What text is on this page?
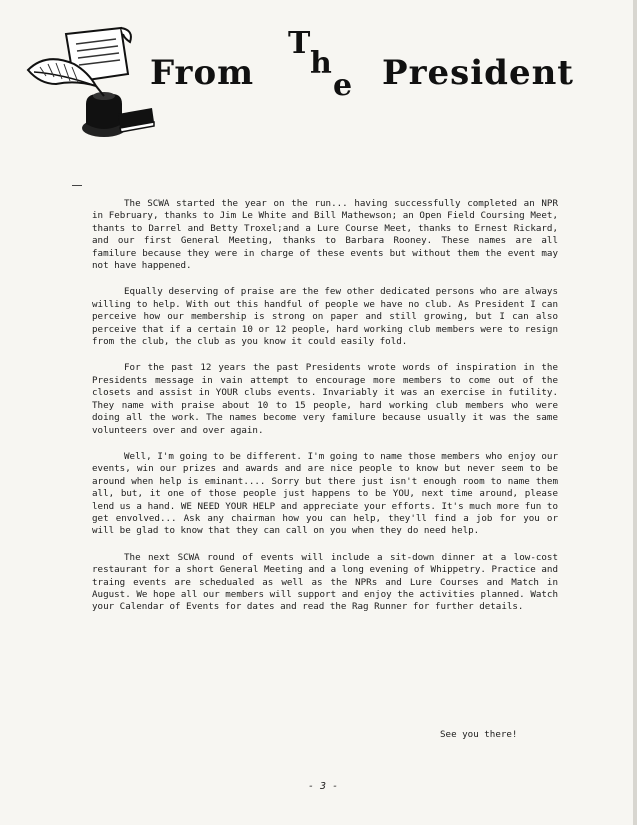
From
T
h
e President

The SCWA started the year on the run... having successfully completed an NPR in February, thanks to Jim Le White and Bill Mathewson; an Open Field Coursing Meet, thants to Darrel and Betty Troxel;and a Lure Course Meet, thanks to Ernest Rickard, and our first General Meeting, thanks to Barbara Rooney. These names are all familure because they were in charge of these events but without them the event may not have happened.

Equally deserving of praise are the few other dedicated persons who are always willing to help. With out this handful of people we have no club. As President I can perceive how our membership is strong on paper and still growing, but I can also perceive that if a certain 10 or 12 people, hard working club members were to resign from the club, the club as you know it could easily fold.

For the past 12 years the past Presidents wrote words of inspiration in the Presidents message in vain attempt to encourage more members to come out of the closets and assist in YOUR clubs events. Invariably it was an exercise in futility. They name with praise about 10 to 15 people, hard working club members who were doing all the work. The names become very familure because usually it was the same volunteers over and over again.

Well, I'm going to be different. I'm going to name those members who enjoy our events, win our prizes and awards and are nice people to know but never seem to be around when help is eminant.... Sorry but there just isn't enough room to name them all, but, it one of those people just happens to be YOU, next time around, please lend us a hand. WE NEED YOUR HELP and appreciate your efforts. It's much more fun to get envolved... Ask any chairman how you can help, they'll find a job for you or will be glad to know that they can call on you when they do need help.

The next SCWA round of events will include a sit-down dinner at a low-cost restaurant for a short General Meeting and a long evening of Whippetry. Practice and traing events are schedualed as well as the NPRs and Lure Courses and Match in August. We hope all our members will support and enjoy the activities planned. Watch your Calendar of Events for dates and read the Rag Runner for further details.

See you there!
- 3 -
